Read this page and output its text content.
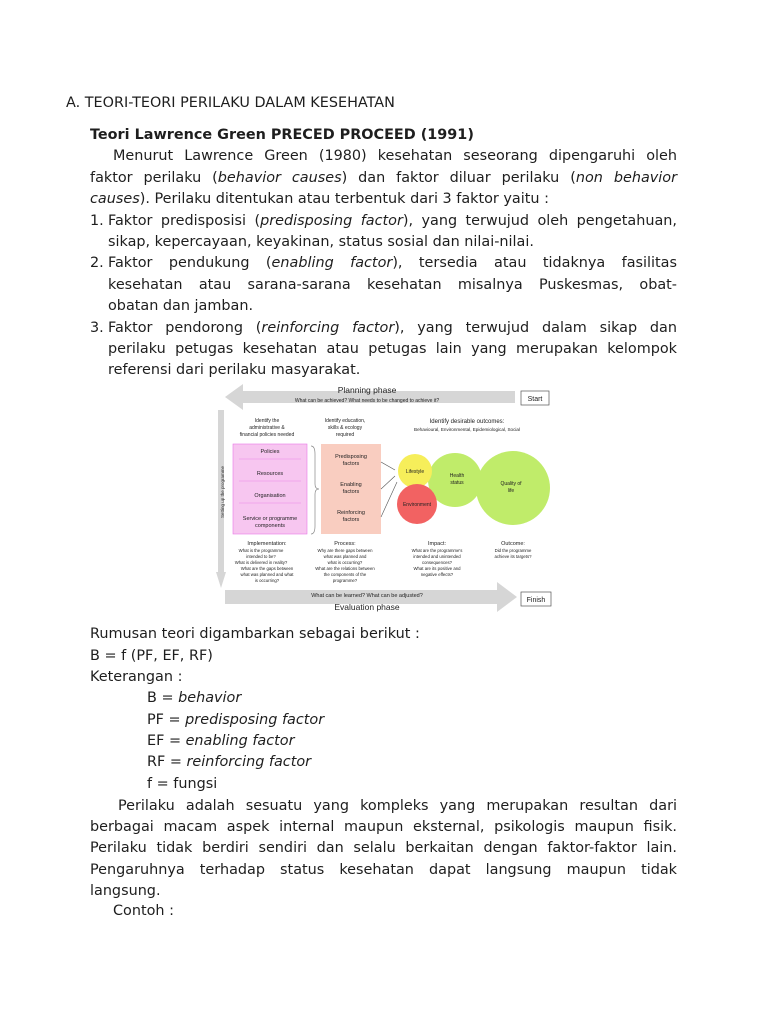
A. TEORI-TEORI PERILAKU DALAM KESEHATAN
Teori Lawrence Green PRECED PROCEED (1991)
Menurut Lawrence Green (1980) kesehatan seseorang dipengaruhi oleh
faktor perilaku (behavior causes) dan faktor diluar perilaku (non behavior
causes). Perilaku ditentukan atau terbentuk dari 3 faktor yaitu :
1. Faktor predisposisi (predisposing factor), yang terwujud oleh pengetahuan,
sikap, kepercayaan, keyakinan, status sosial dan nilai-nilai.
2. Faktor pendukung (enabling factor), tersedia atau tidaknya fasilitas
kesehatan atau sarana-sarana kesehatan misalnya Puskesmas, obat-
obatan dan jamban.
3. Faktor pendorong (reinforcing factor), yang terwujud dalam sikap dan
perilaku petugas kesehatan atau petugas lain yang merupakan kelompok
referensi dari perilaku masyarakat.
Planning phase
What can be achieved? What needs to be changed to achieve it?	Start
Setting up the programme
Identify the
administrative &
financial policies needed
Identify education,
skills & ecology
required
Identify desirable outcomes:
Behavioural, Environmental, Epidemiological, Social
Policies
Resources
Organisation
Service or programme
components
Predisposing
factors
Enabling
factors
Reinforcing
factors
Lifestyle
Environment
Health
status	Quality of
life
Implementation:
What is the programme
intended to be?
What is delivered in reality?
What are the gaps between
what was planned and what
is occurring?
Process:
Why are there gaps between
what was planned and
what is occurring?
What are the relations between
the components of the
programme?
Impact:
What are the programme's
intended and unintended
consequences?
What are its positive and
negative effects?
Outcome:
Did the programme
achieve its targets?
What can be learned? What can be adjusted?
Evaluation phase
Finish
Rumusan teori digambarkan sebagai berikut :
B = f (PF, EF, RF)
Keterangan :
B = behavior
PF = predisposing factor
EF = enabling factor
RF = reinforcing factor
f = fungsi
Perilaku adalah sesuatu yang kompleks yang merupakan resultan dari
berbagai macam aspek internal maupun eksternal, psikologis maupun fisik.
Perilaku tidak berdiri sendiri dan selalu berkaitan dengan faktor-faktor lain.
Pengaruhnya terhadap status kesehatan dapat langsung maupun tidak
langsung.
Contoh :
